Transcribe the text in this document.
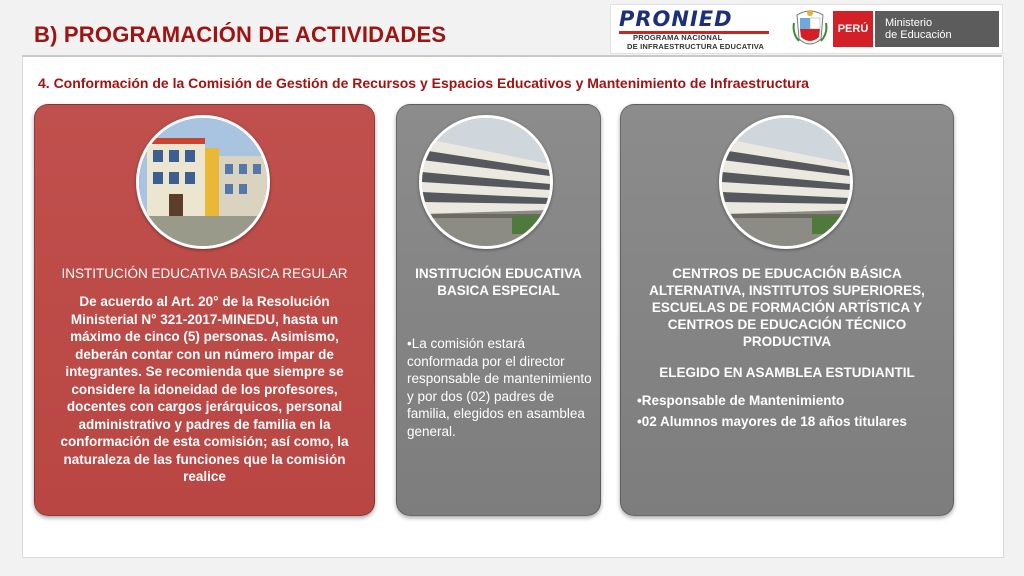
B) PROGRAMACIÓN DE ACTIVIDADES
PRONIED
PROGRAMA NACIONAL
DE INFRAESTRUCTURA EDUCATIVA
PERÚ	Ministerio
de Educación
4. Conformación de la Comisión de Gestión de Recursos y Espacios Educativos y Mantenimiento de Infraestructura
INSTITUCIÓN EDUCATIVA BASICA REGULAR
De acuerdo al Art. 20° de la Resolución Ministerial N° 321-2017-MINEDU, hasta un máximo de cinco (5) personas. Asimismo, deberán contar con un número impar de integrantes. Se recomienda que siempre se considere la idoneidad de los profesores, docentes con cargos jerárquicos, personal administrativo y padres de familia en la conformación de esta comisión; así como, la naturaleza de las funciones que la comisión realice
INSTITUCIÓN EDUCATIVA BASICA ESPECIAL
•La comisión estará conformada por el director responsable de mantenimiento y por dos (02) padres de familia, elegidos en asamblea general.
CENTROS DE EDUCACIÓN BÁSICA ALTERNATIVA, INSTITUTOS SUPERIORES, ESCUELAS DE FORMACIÓN ARTÍSTICA Y CENTROS DE EDUCACIÓN TÉCNICO PRODUCTIVA

ELEGIDO EN ASAMBLEA ESTUDIANTIL

•Responsable de Mantenimiento
•02 Alumnos mayores de 18 años titulares
